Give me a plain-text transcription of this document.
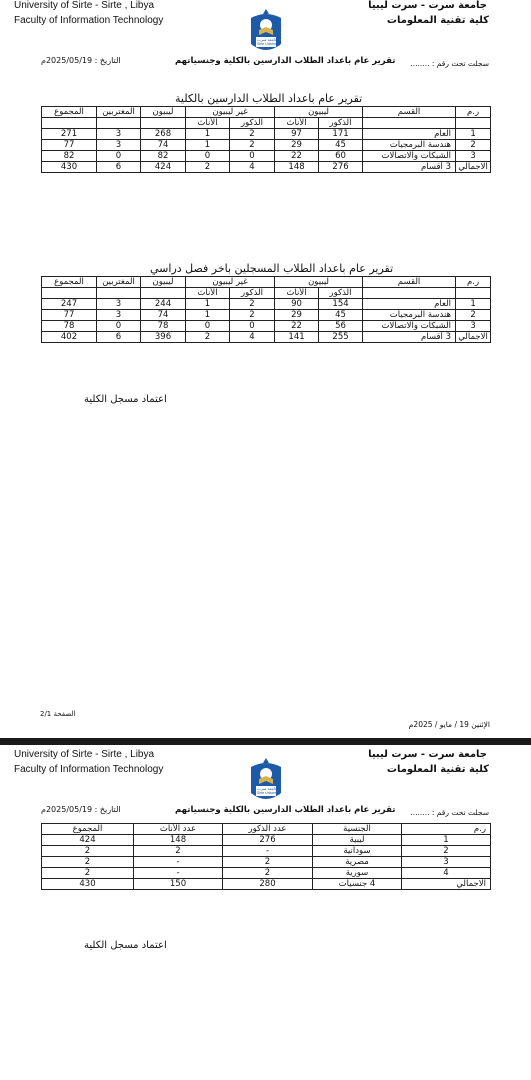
University of Sirte - Sirte , Libya
Faculty of Information Technology
جامعة سرت - سرت ليبيا
كلية تقنية المعلومات
جامعة سرت
Sirte University
التاريخ : 2025/05/19م	تقرير عام باعداد الطلاب الدارسين بالكلية وجنسياتهم سجلت تحت رقم : ........
تقرير عام باعداد الطلاب الدارسين بالكلية
ر.م	القسم	ليبيون		غير ليبيون		ليبيون	المغتربين	المجموع
		الذكور	الأناث	الذكور	الأناث			
1	العام	171	97	2	1	268	3	271
2	هندسة البرمجيات	45	29	2	1	74	3	77
3	الشبكات والاتصالات	60	22	0	0	82	0	82
الاجمالي	3 أقسام	276	148	4	2	424	6	430
تقرير عام باعداد الطلاب المسجلين باخر فصل دراسي
ر.م	القسم	ليبيون		غير ليبيون		ليبيون	المغتربين	المجموع
		الذكور	الأناث	الذكور	الأناث			
1	العام	154	90	2	1	244	3	247
2	هندسة البرمجيات	45	29	2	1	74	3	77
3	الشبكات والاتصالات	56	22	0	0	78	0	78
الاجمالي	3 أقسام	255	141	4	2	396	6	402
اعتماد مسجل الكلية
الصفحة 2/1
الإثنين 19 / مايو / 2025م
University of Sirte - Sirte , Libya
Faculty of Information Technology
جامعة سرت - سرت ليبيا
كلية تقنية المعلومات
جامعة سرت
Sirte University
التاريخ : 2025/05/19م	تقرير عام باعداد الطلاب الدارسين بالكلية وجنسياتهم سجلت تحت رقم : ........
ر.م	الجنسية	عدد الذكور	عدد الأناث	المجموع
1	ليبية	276	148	424
2	سودانية	-	2	2
3	مصرية	2	-	2
4	سورية	2	-	2
الاجمالي	4 جنسيات	280	150	430
اعتماد مسجل الكلية
